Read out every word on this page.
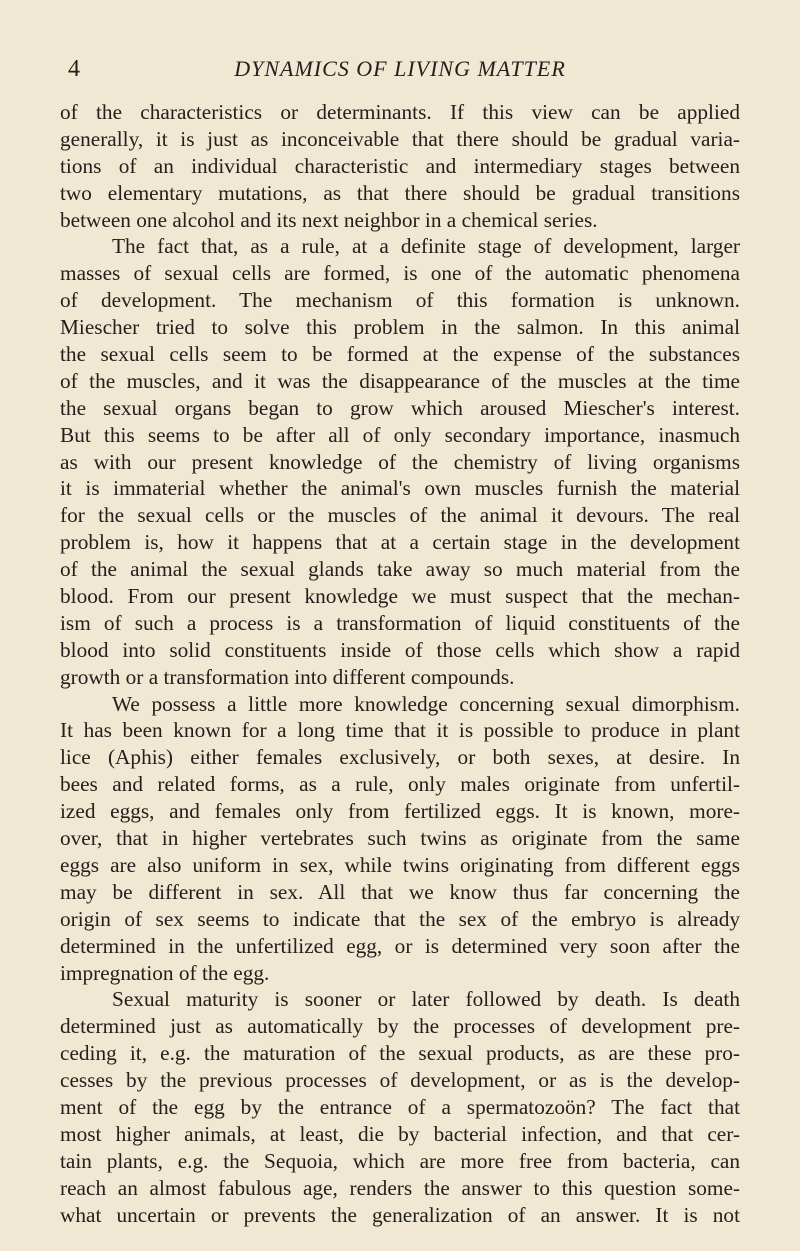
4	DYNAMICS OF LIVING MATTER
of the characteristics or determinants. If this view can be applied
generally, it is just as inconceivable that there should be gradual varia-
tions of an individual characteristic and intermediary stages between
two elementary mutations, as that there should be gradual transitions
between one alcohol and its next neighbor in a chemical series.
The fact that, as a rule, at a definite stage of development, larger
masses of sexual cells are formed, is one of the automatic phenomena
of development. The mechanism of this formation is unknown.
Miescher tried to solve this problem in the salmon. In this animal
the sexual cells seem to be formed at the expense of the substances
of the muscles, and it was the disappearance of the muscles at the time
the sexual organs began to grow which aroused Miescher's interest.
But this seems to be after all of only secondary importance, inasmuch
as with our present knowledge of the chemistry of living organisms
it is immaterial whether the animal's own muscles furnish the material
for the sexual cells or the muscles of the animal it devours. The real
problem is, how it happens that at a certain stage in the development
of the animal the sexual glands take away so much material from the
blood. From our present knowledge we must suspect that the mechan-
ism of such a process is a transformation of liquid constituents of the
blood into solid constituents inside of those cells which show a rapid
growth or a transformation into different compounds.
We possess a little more knowledge concerning sexual dimorphism.
It has been known for a long time that it is possible to produce in plant
lice (Aphis) either females exclusively, or both sexes, at desire. In
bees and related forms, as a rule, only males originate from unfertil-
ized eggs, and females only from fertilized eggs. It is known, more-
over, that in higher vertebrates such twins as originate from the same
eggs are also uniform in sex, while twins originating from different eggs
may be different in sex. All that we know thus far concerning the
origin of sex seems to indicate that the sex of the embryo is already
determined in the unfertilized egg, or is determined very soon after the
impregnation of the egg.
Sexual maturity is sooner or later followed by death. Is death
determined just as automatically by the processes of development pre-
ceding it, e.g. the maturation of the sexual products, as are these pro-
cesses by the previous processes of development, or as is the develop-
ment of the egg by the entrance of a spermatozoön? The fact that
most higher animals, at least, die by bacterial infection, and that cer-
tain plants, e.g. the Sequoia, which are more free from bacteria, can
reach an almost fabulous age, renders the answer to this question some-
what uncertain or prevents the generalization of an answer. It is not
